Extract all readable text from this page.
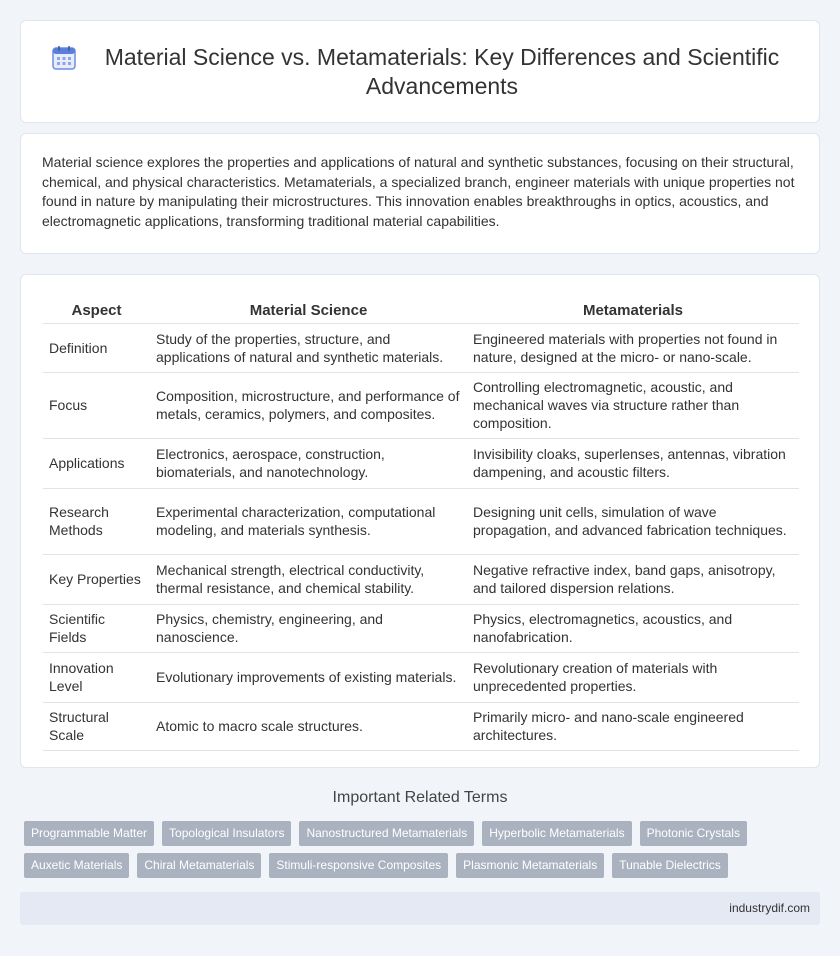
Material Science vs. Metamaterials: Key Differences and Scientific Advancements

Material science explores the properties and applications of natural and synthetic substances, focusing on their structural, chemical, and physical characteristics. Metamaterials, a specialized branch, engineer materials with unique properties not found in nature by manipulating their microstructures. This innovation enables breakthroughs in optics, acoustics, and electromagnetic applications, transforming traditional material capabilities.

Aspect	Material Science	Metamaterials
Definition	Study of the properties, structure, and applications of natural and synthetic materials.	Engineered materials with properties not found in nature, designed at the micro- or nano-scale.
Focus	Composition, microstructure, and performance of metals, ceramics, polymers, and composites.	Controlling electromagnetic, acoustic, and mechanical waves via structure rather than composition.
Applications	Electronics, aerospace, construction, biomaterials, and nanotechnology.	Invisibility cloaks, superlenses, antennas, vibration dampening, and acoustic filters.
Research Methods	Experimental characterization, computational modeling, and materials synthesis.	Designing unit cells, simulation of wave propagation, and advanced fabrication techniques.
Key Properties	Mechanical strength, electrical conductivity, thermal resistance, and chemical stability.	Negative refractive index, band gaps, anisotropy, and tailored dispersion relations.
Scientific Fields	Physics, chemistry, engineering, and nanoscience.	Physics, electromagnetics, acoustics, and nanofabrication.
Innovation Level	Evolutionary improvements of existing materials.	Revolutionary creation of materials with unprecedented properties.
Structural Scale	Atomic to macro scale structures.	Primarily micro- and nano-scale engineered architectures.
Important Related Terms
Programmable Matter	Topological Insulators	Nanostructured Metamaterials	Hyperbolic Metamaterials	Photonic Crystals
Auxetic Materials	Chiral Metamaterials	Stimuli-responsive Composites	Plasmonic Metamaterials	Tunable Dielectrics
industrydif.com
